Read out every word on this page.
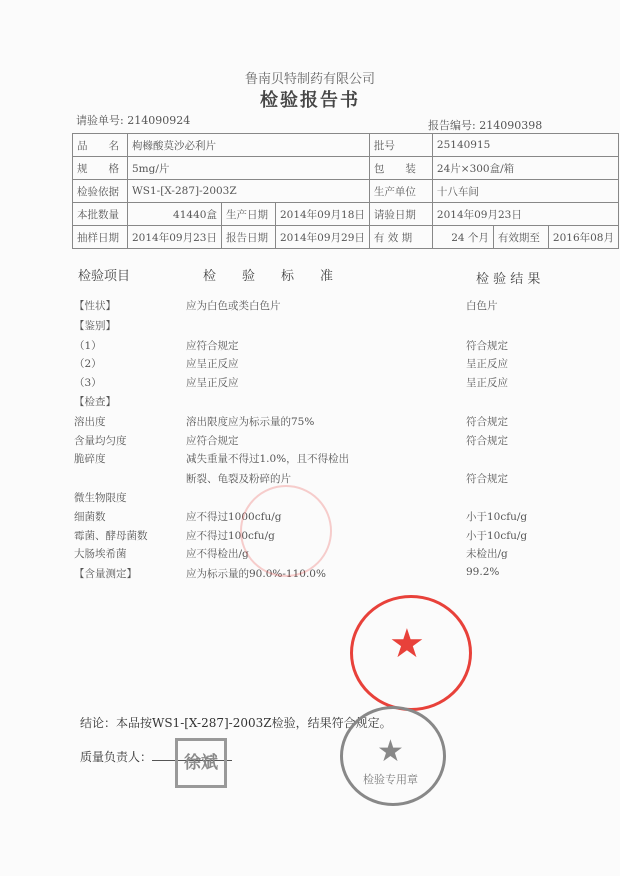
鲁南贝特制药有限公司
检验报告书
请验单号: 214090924	报告编号: 214090398
品　　名	枸橼酸莫沙必利片			批号	25140915		
规　　格	5mg/片			包　　装	24片×300盒/箱		
检验依据	WS1-[X-287]-2003Z			生产单位	十八车间		
本批数量	41440盒	生产日期	2014年09月18日	请验日期	2014年09月23日		
抽样日期	2014年09月23日	报告日期	2014年09月29日	有 效 期	24 个月	有效期至	2016年08月
检验项目	检　　验　　标　　准	检 验 结 果
【性状】	应为白色或类白色片	白色片
【鉴别】
（1）	应符合规定	符合规定
（2）	应呈正反应	呈正反应
（3）	应呈正反应	呈正反应
【检查】
溶出度	溶出限度应为标示量的75%	符合规定
含量均匀度	应符合规定	符合规定
脆碎度	减失重量不得过1.0%，且不得检出
断裂、龟裂及粉碎的片	符合规定
微生物限度
细菌数	应不得过1000cfu/g	小于10cfu/g
霉菌、酵母菌数	应不得过100cfu/g	小于10cfu/g
大肠埃希菌	应不得检出/g	未检出/g
【含量测定】	应为标示量的90.0%-110.0%	99.2%
结论：本品按WS1-[X-287]-2003Z检验，结果符合规定。
质量负责人：	徐斌
★
★
检验专用章
